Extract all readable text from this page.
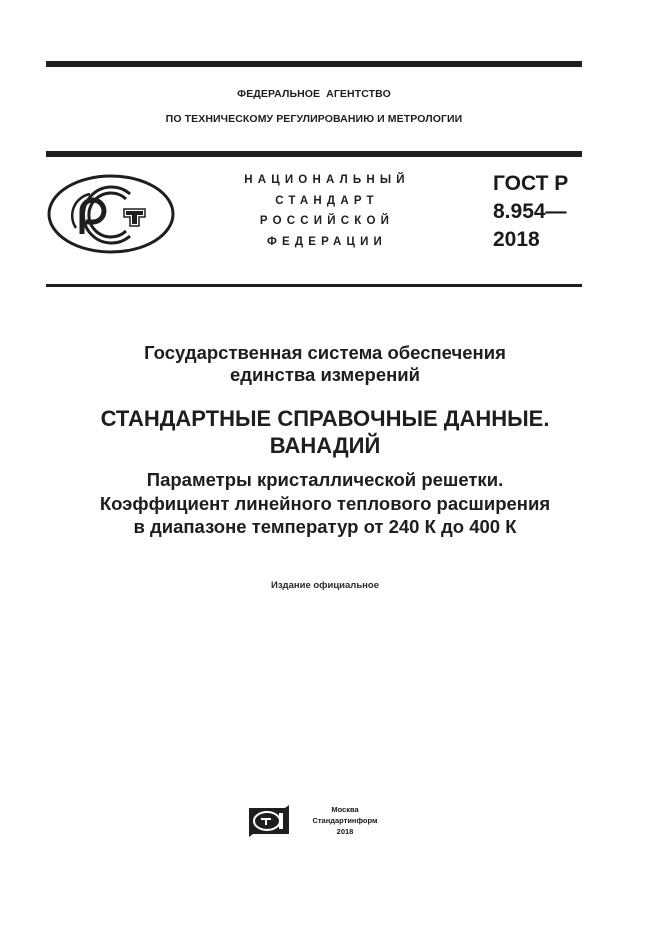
ФЕДЕРАЛЬНОЕ  АГЕНТСТВО
ПО ТЕХНИЧЕСКОМУ РЕГУЛИРОВАНИЮ И МЕТРОЛОГИИ
НАЦИОНАЛЬНЫЙ
СТАНДАРТ
РОССИЙСКОЙ
ФЕДЕРАЦИИ
ГОСТ Р
8.954—
2018
Государственная система обеспечения
единства измерений
СТАНДАРТНЫЕ СПРАВОЧНЫЕ ДАННЫЕ.
ВАНАДИЙ
Параметры кристаллической решетки.
Коэффициент линейного теплового расширения
в диапазоне температур от 240 К до 400 К
Издание официальное
Москва
Стандартинформ
2018
